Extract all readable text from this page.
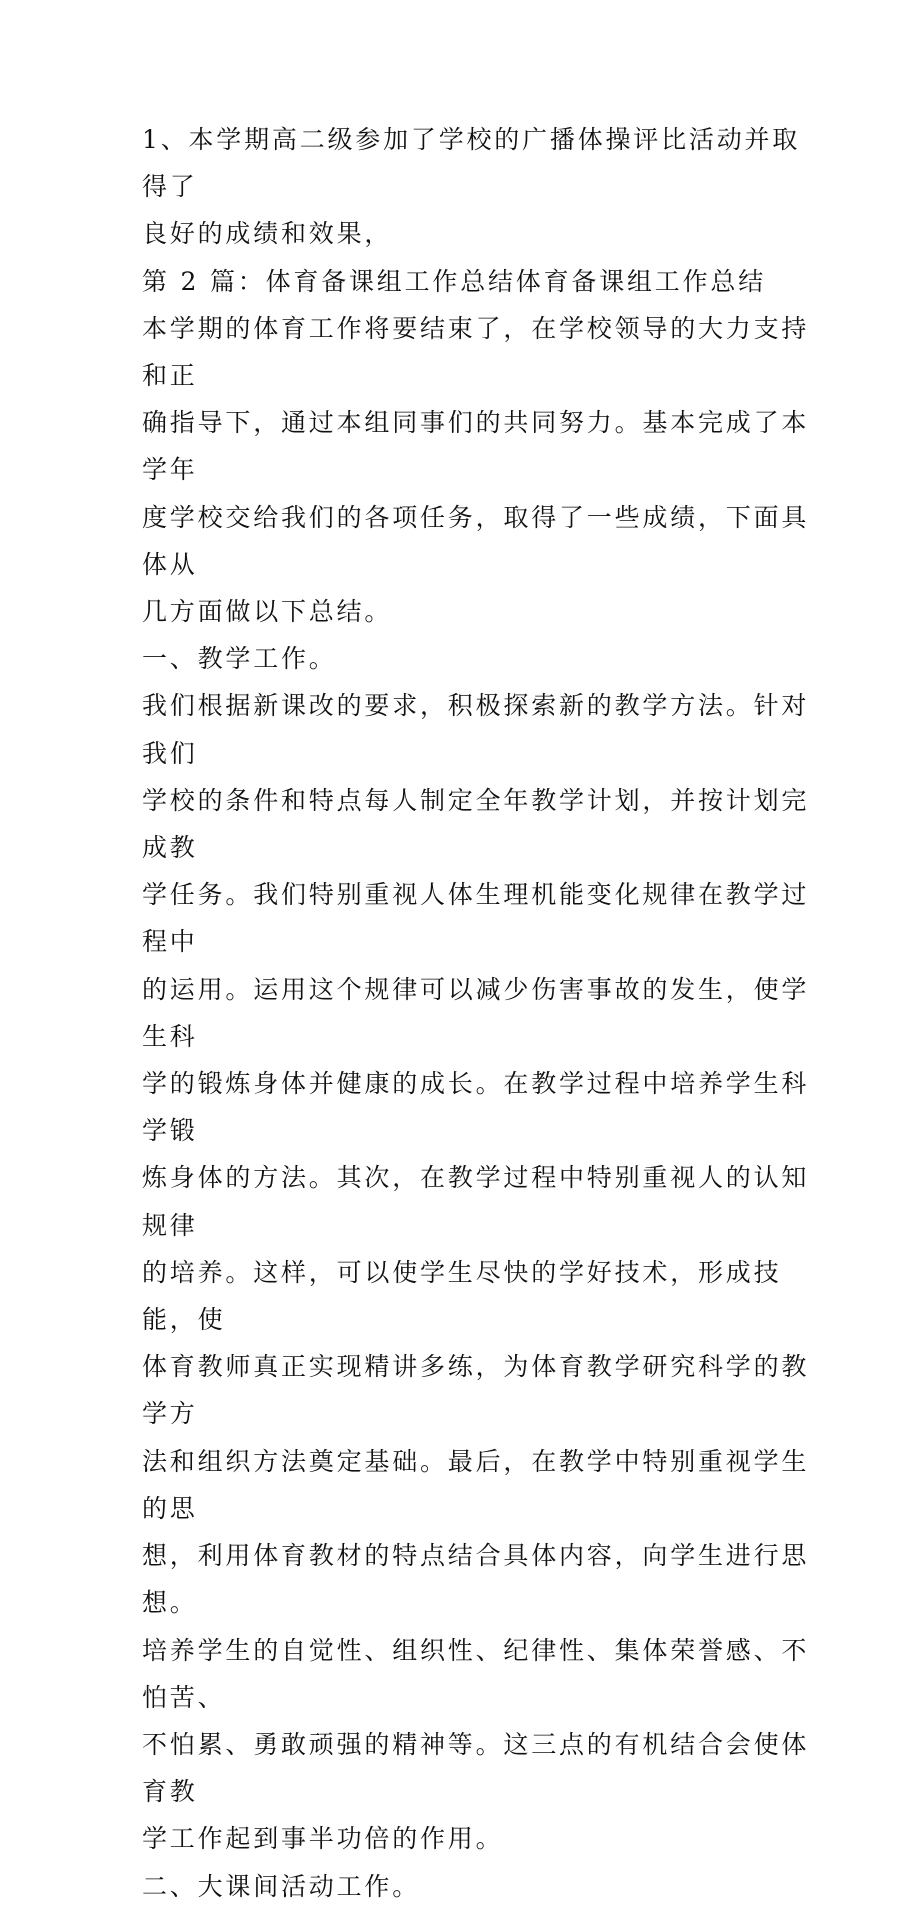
1、本学期高二级参加了学校的广播体操评比活动并取得了
良好的成绩和效果，

第 2 篇：体育备课组工作总结体育备课组工作总结

本学期的体育工作将要结束了，在学校领导的大力支持和正
确指导下，通过本组同事们的共同努力。基本完成了本学年
度学校交给我们的各项任务，取得了一些成绩，下面具体从
几方面做以下总结。

一、教学工作。

我们根据新课改的要求，积极探索新的教学方法。针对我们
学校的条件和特点每人制定全年教学计划，并按计划完成教
学任务。我们特别重视人体生理机能变化规律在教学过程中
的运用。运用这个规律可以减少伤害事故的发生，使学生科
学的锻炼身体并健康的成长。在教学过程中培养学生科学锻
炼身体的方法。其次，在教学过程中特别重视人的认知规律
的培养。这样，可以使学生尽快的学好技术，形成技能，使
体育教师真正实现精讲多练，为体育教学研究科学的教学方
法和组织方法奠定基础。最后，在教学中特别重视学生的思
想，利用体育教材的特点结合具体内容，向学生进行思想。
培养学生的自觉性、组织性、纪律性、集体荣誉感、不怕苦、
不怕累、勇敢顽强的精神等。这三点的有机结合会使体育教
学工作起到事半功倍的作用。

二、大课间活动工作。
